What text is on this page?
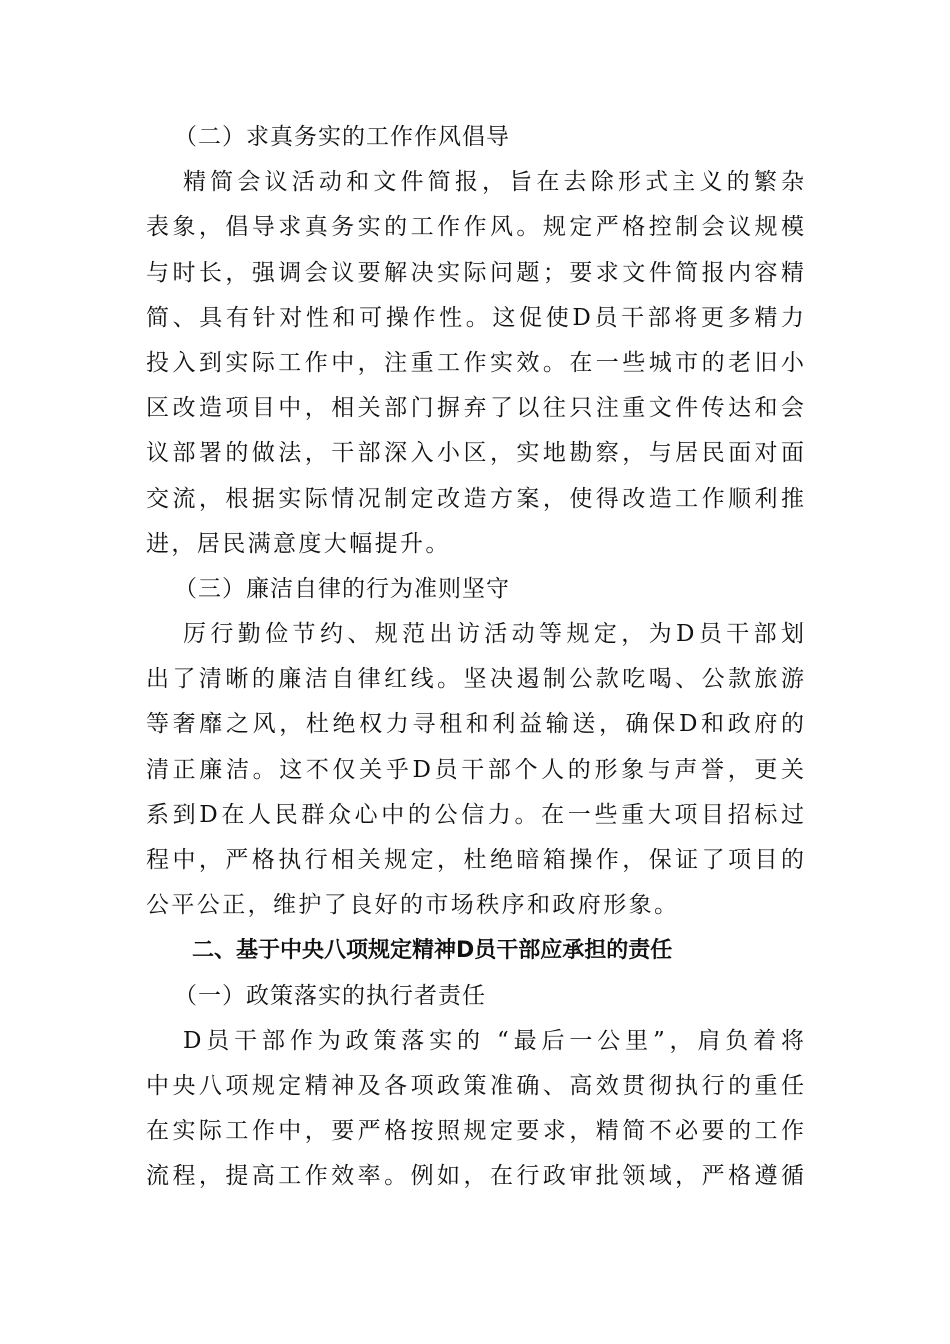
（二）求真务实的工作作风倡导
精简会议活动和文件简报，旨在去除形式主义的繁杂
表象，倡导求真务实的工作作风。规定严格控制会议规模
与时长，强调会议要解决实际问题；要求文件简报内容精
简、具有针对性和可操作性。这促使D员干部将更多精力
投入到实际工作中，注重工作实效。在一些城市的老旧小
区改造项目中，相关部门摒弃了以往只注重文件传达和会
议部署的做法，干部深入小区，实地勘察，与居民面对面
交流，根据实际情况制定改造方案，使得改造工作顺利推
进，居民满意度大幅提升。
（三）廉洁自律的行为准则坚守
厉行勤俭节约、规范出访活动等规定，为D员干部划
出了清晰的廉洁自律红线。坚决遏制公款吃喝、公款旅游
等奢靡之风，杜绝权力寻租和利益输送，确保D和政府的
清正廉洁。这不仅关乎D员干部个人的形象与声誉，更关
系到D在人民群众心中的公信力。在一些重大项目招标过
程中，严格执行相关规定，杜绝暗箱操作，保证了项目的
公平公正，维护了良好的市场秩序和政府形象。
二、基于中央八项规定精神D员干部应承担的责任
（一）政策落实的执行者责任
D员干部作为政策落实的 “最后一公里”，肩负着将
中央八项规定精神及各项政策准确、高效贯彻执行的重任
在实际工作中，要严格按照规定要求，精简不必要的工作
流程，提高工作效率。例如，在行政审批领域，严格遵循
